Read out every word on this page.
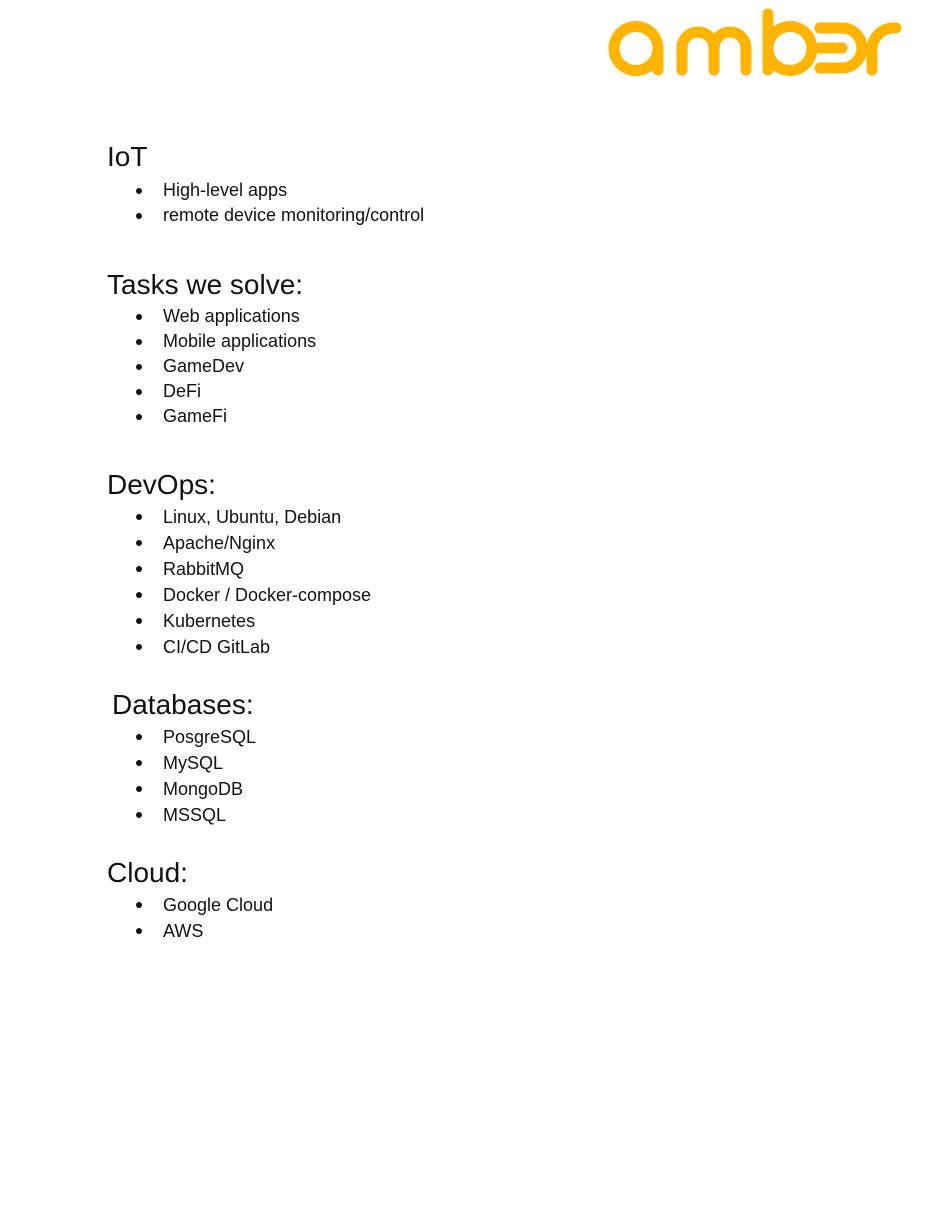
IoT
High-level apps
remote device monitoring/control
Tasks we solve:
Web applications
Mobile applications
GameDev
DeFi
GameFi
DevOps:
Linux, Ubuntu, Debian
Apache/Nginx
RabbitMQ
Docker / Docker-compose
Kubernetes
CI/CD GitLab
Databases:
PosgreSQL
MySQL
MongoDB
MSSQL
Cloud:
Google Cloud
AWS
